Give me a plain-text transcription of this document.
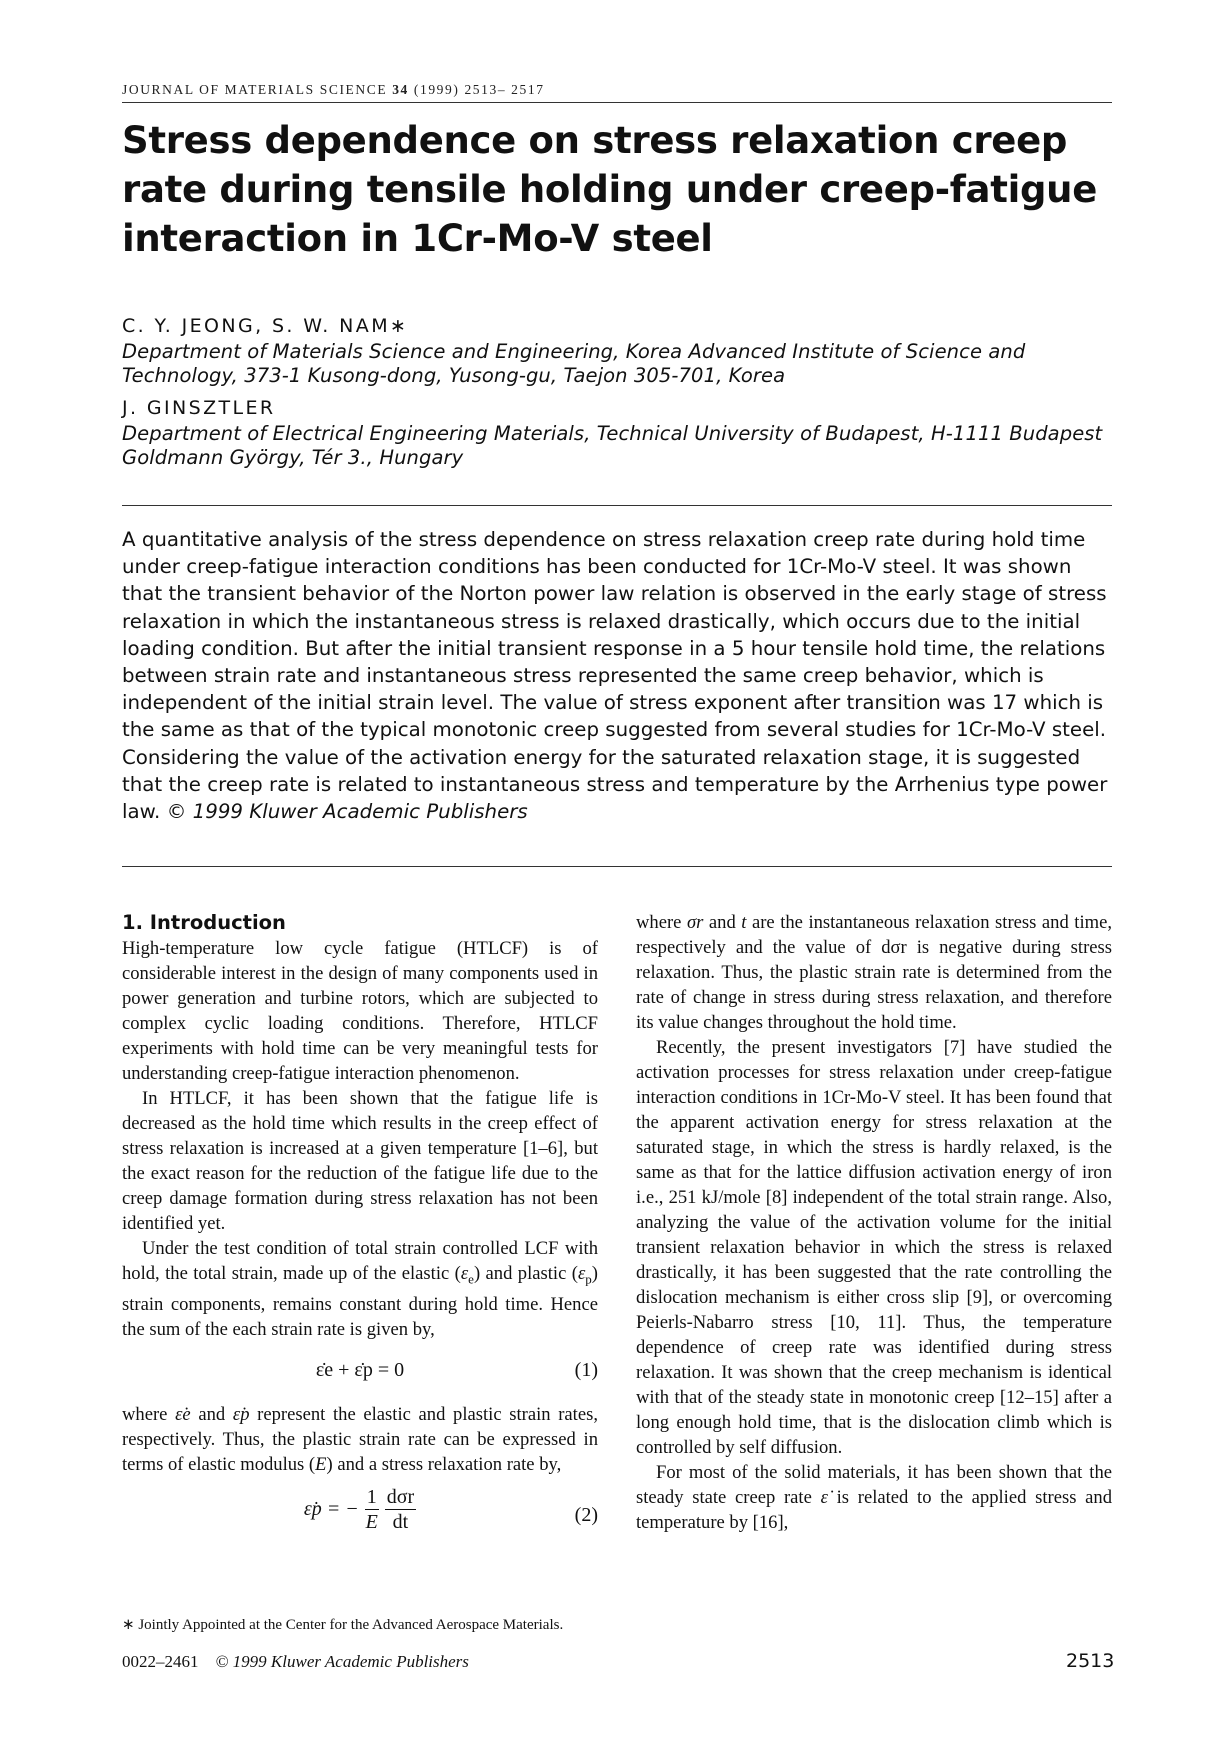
JOURNAL OF MATERIALS SCIENCE 34 (1999) 2513– 2517
Stress dependence on stress relaxation creep rate during tensile holding under creep-fatigue interaction in 1Cr-Mo-V steel
C. Y. JEONG, S. W. NAM∗
Department of Materials Science and Engineering, Korea Advanced Institute of Science and Technology, 373-1 Kusong-dong, Yusong-gu, Taejon 305-701, Korea
J. GINSZTLER
Department of Electrical Engineering Materials, Technical University of Budapest, H-1111 Budapest Goldmann György, Tér 3., Hungary

A quantitative analysis of the stress dependence on stress relaxation creep rate during hold time under creep-fatigue interaction conditions has been conducted for 1Cr-Mo-V steel. It was shown that the transient behavior of the Norton power law relation is observed in the early stage of stress relaxation in which the instantaneous stress is relaxed drastically, which occurs due to the initial loading condition. But after the initial transient response in a 5 hour tensile hold time, the relations between strain rate and instantaneous stress represented the same creep behavior, which is independent of the initial strain level. The value of stress exponent after transition was 17 which is the same as that of the typical monotonic creep suggested from several studies for 1Cr-Mo-V steel. Considering the value of the activation energy for the saturated relaxation stage, it is suggested that the creep rate is related to instantaneous stress and temperature by the Arrhenius type power law. © 1999 Kluwer Academic Publishers

1. Introduction

High-temperature low cycle fatigue (HTLCF) is of considerable interest in the design of many components used in power generation and turbine rotors, which are subjected to complex cyclic loading conditions. Therefore, HTLCF experiments with hold time can be very meaningful tests for understanding creep-fatigue interaction phenomenon.

In HTLCF, it has been shown that the fatigue life is decreased as the hold time which results in the creep effect of stress relaxation is increased at a given temperature [1–6], but the exact reason for the reduction of the fatigue life due to the creep damage formation during stress relaxation has not been identified yet.

Under the test condition of total strain controlled LCF with hold, the total strain, made up of the elastic $(\varepsilon_e)$ and plastic $(\varepsilon_p)$ strain components, remains constant during hold time. Hence the sum of the each strain rate is given by,

ε̇e + ε̇p = 0	(1)

where ε̇e and ε̇p represent the elastic and plastic strain rates, respectively. Thus, the plastic strain rate can be expressed in terms of elastic modulus (E) and a stress relaxation rate by,

ε̇p = − $\frac{1}{E} \frac{\text{dσr}}{dt}$	(2)

where σr and t are the instantaneous relaxation stress and time, respectively and the value of dσr is negative during stress relaxation. Thus, the plastic strain rate is determined from the rate of change in stress during stress relaxation, and therefore its value changes throughout the hold time.

Recently, the present investigators [7] have studied the activation processes for stress relaxation under creep-fatigue interaction conditions in 1Cr-Mo-V steel. It has been found that the apparent activation energy for stress relaxation at the saturated stage, in which the stress is hardly relaxed, is the same as that for the lattice diffusion activation energy of iron i.e., 251 kJ/mole [8] independent of the total strain range. Also, analyzing the value of the activation volume for the initial transient relaxation behavior in which the stress is relaxed drastically, it has been suggested that the rate controlling the dislocation mechanism is either cross slip [9], or overcoming Peierls-Nabarro stress [10, 11]. Thus, the temperature dependence of creep rate was identified during stress relaxation. It was shown that the creep mechanism is identical with that of the steady state in monotonic creep [12–15] after a long enough hold time, that is the dislocation climb which is controlled by self diffusion.

For most of the solid materials, it has been shown that the steady state creep rate ε̇ is related to the applied stress and temperature by [16],

∗ Jointly Appointed at the Center for the Advanced Aerospace Materials.
0022–2461 © 1999 Kluwer Academic Publishers	2513
